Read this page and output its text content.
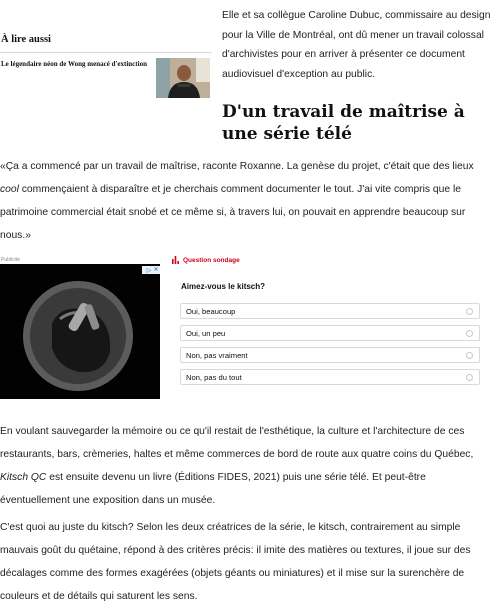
À lire aussi
Le légendaire néon de Wong menacé d'extinction
Elle et sa collègue Caroline Dubuc, commissaire au design pour la Ville de Montréal, ont dû mener un travail colossal d'archivistes pour en arriver à présenter ce document audiovisuel d'exception au public.
D'un travail de maîtrise à une série télé

«Ça a commencé par un travail de maîtrise, raconte Roxanne. La genèse du projet, c'était que des lieux cool commençaient à disparaître et je cherchais comment documenter le tout. J'ai vite compris que le patrimoine commercial était snobé et ce même si, à travers lui, on pouvait en apprendre beaucoup sur nous.»

Publicité
▷ ✕
Question sondage
Aimez-vous le kitsch?
Oui, beaucoup
Oui, un peu
Non, pas vraiment
Non, pas du tout

En voulant sauvegarder la mémoire ou ce qu'il restait de l'esthétique, la culture et l'architecture de ces restaurants, bars, crèmeries, haltes et même commerces de bord de route aux quatre coins du Québec, Kitsch QC est ensuite devenu un livre (Éditions FIDES, 2021) puis une série télé. Et peut-être éventuellement une exposition dans un musée.

C'est quoi au juste du kitsch? Selon les deux créatrices de la série, le kitsch, contrairement au simple mauvais goût du quétaine, répond à des critères précis: il imite des matières ou textures, il joue sur des décalages comme des formes exagérées (objets géants ou miniatures) et il mise sur la surenchère de couleurs et de détails qui saturent les sens.
